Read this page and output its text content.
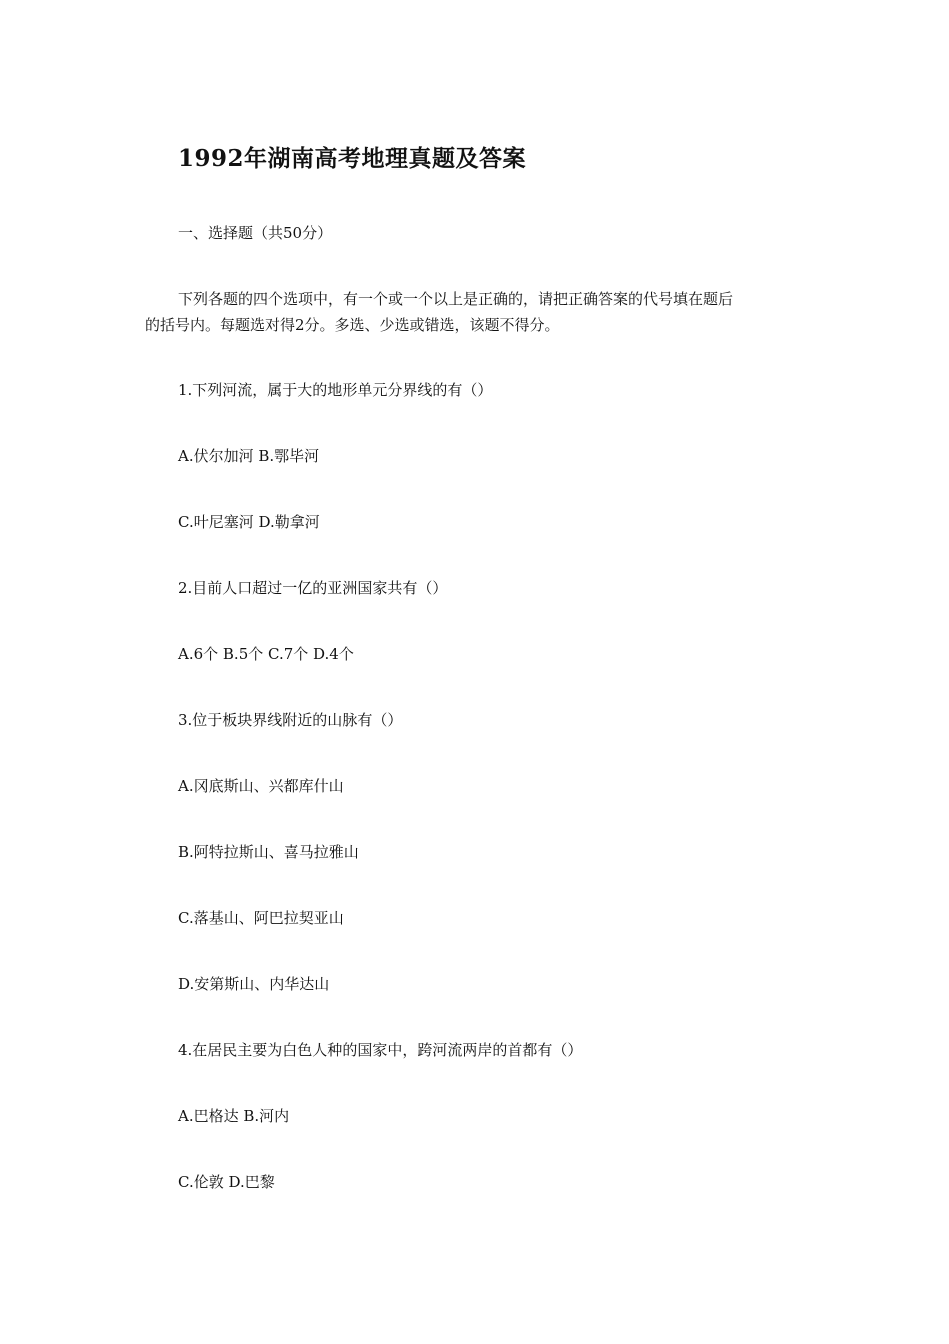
1992年湖南高考地理真题及答案
一、选择题（共50分）
下列各题的四个选项中，有一个或一个以上是正确的，请把正确答案的代号填在题后
的括号内。每题选对得2分。多选、少选或错选，该题不得分。
1.下列河流，属于大的地形单元分界线的有（）
A.伏尔加河 B.鄂毕河
C.叶尼塞河 D.勒拿河
2.目前人口超过一亿的亚洲国家共有（）
A.6个 B.5个 C.7个 D.4个
3.位于板块界线附近的山脉有（）
A.冈底斯山、兴都库什山
B.阿特拉斯山、喜马拉雅山
C.落基山、阿巴拉契亚山
D.安第斯山、内华达山
4.在居民主要为白色人种的国家中，跨河流两岸的首都有（）
A.巴格达 B.河内
C.伦敦 D.巴黎
